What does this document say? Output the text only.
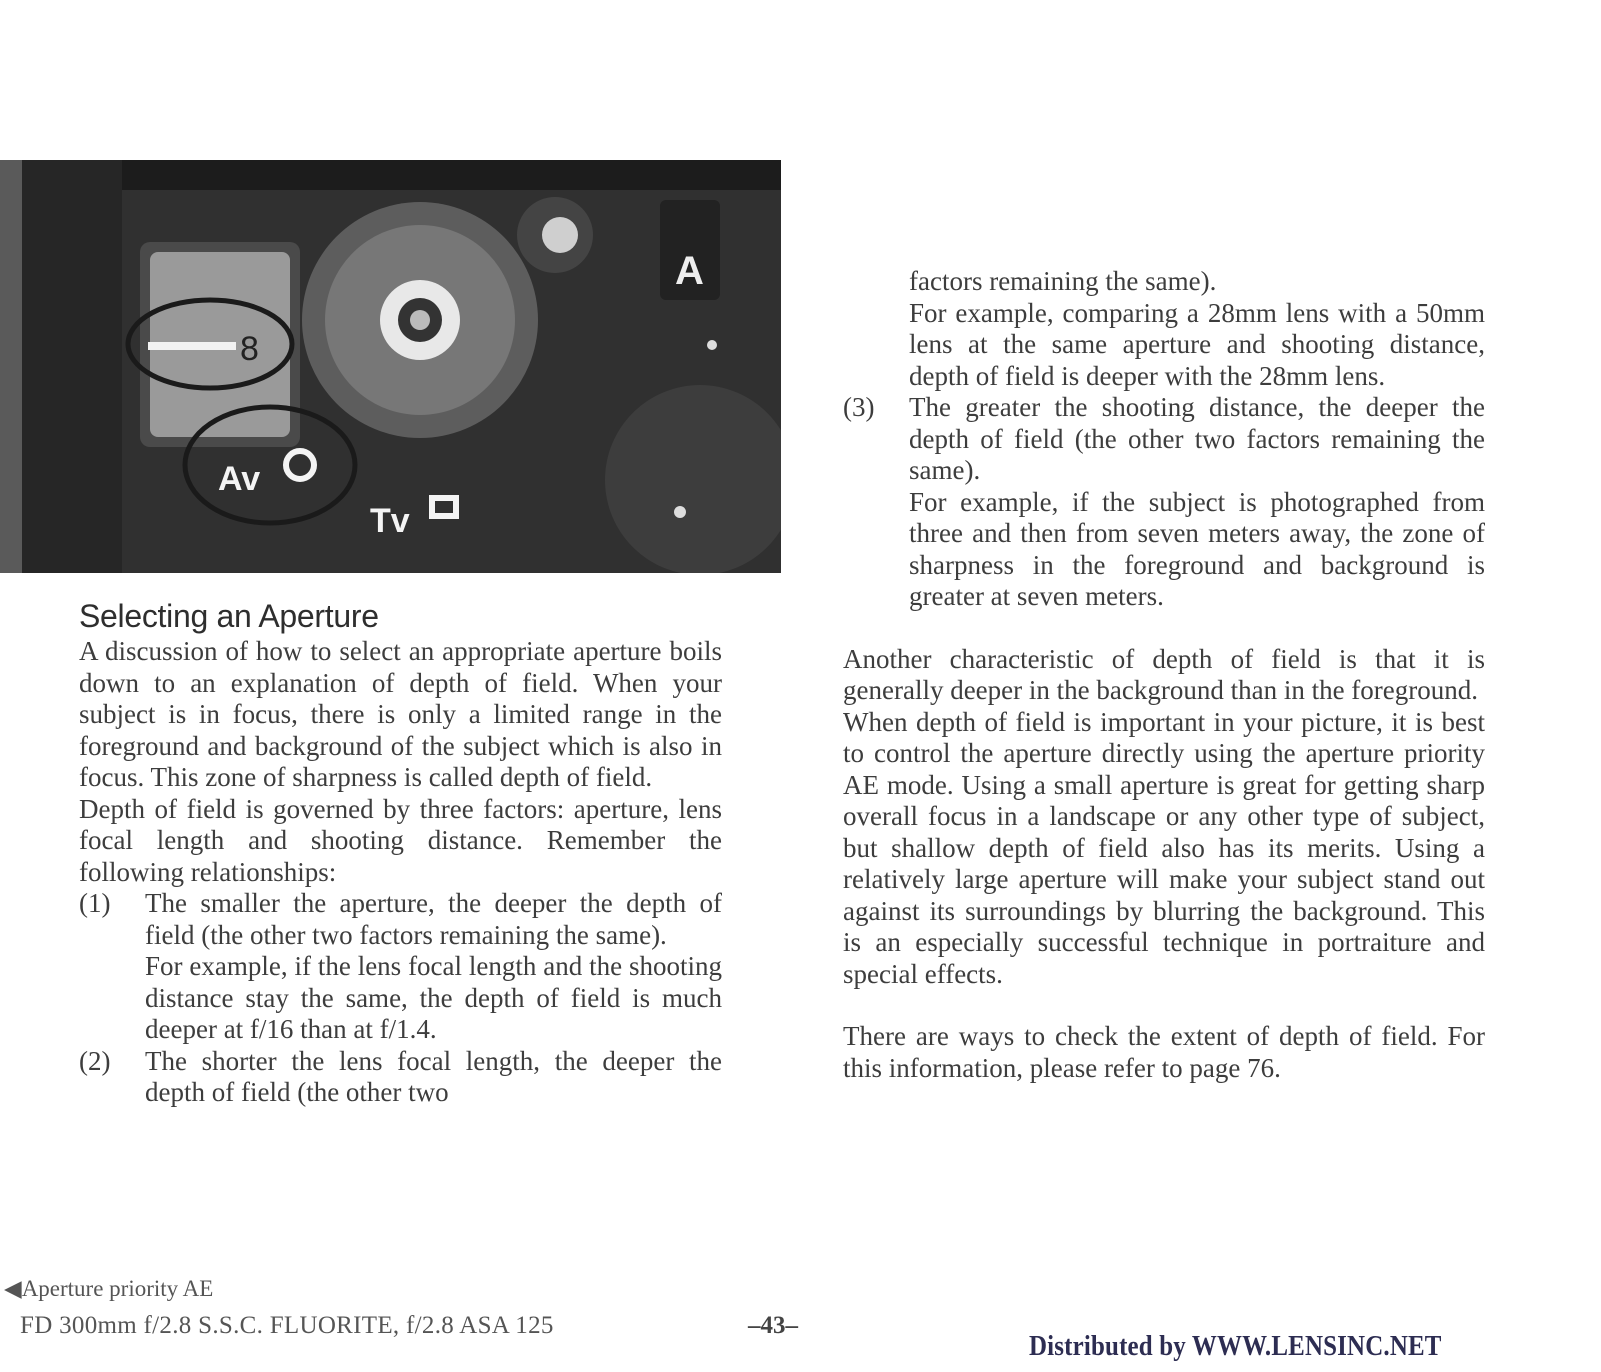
A
8
Av
Tv
Selecting an Aperture

A discussion of how to select an appropriate aperture boils down to an explanation of depth of field. When your subject is in focus, there is only a limited range in the foreground and background of the subject which is also in focus. This zone of sharpness is called depth of field.

Depth of field is governed by three factors: aperture, lens focal length and shooting distance. Remember the following relationships:

(1) The smaller the aperture, the deeper the depth of field (the other two factors remaining the same).

For example, if the lens focal length and the shooting distance stay the same, the depth of field is much deeper at f/16 than at f/1.4.

(2) The shorter the lens focal length, the deeper the depth of field (the other two

factors remaining the same).

For example, comparing a 28mm lens with a 50mm lens at the same aperture and shooting distance, depth of field is deeper with the 28mm lens.

(3) The greater the shooting distance, the deeper the depth of field (the other two factors remaining the same).

For example, if the subject is photographed from three and then from seven meters away, the zone of sharpness in the foreground and background is greater at seven meters.

Another characteristic of depth of field is that it is generally deeper in the background than in the foreground.

When depth of field is important in your picture, it is best to control the aperture directly using the aperture priority AE mode. Using a small aperture is great for getting sharp overall focus in a landscape or any other type of subject, but shallow depth of field also has its merits. Using a relatively large aperture will make your subject stand out against its surroundings by blurring the background. This is an especially successful technique in portraiture and special effects.

There are ways to check the extent of depth of field. For this information, please refer to page 76.

◀Aperture priority AE
FD 300mm f/2.8 S.S.C. FLUORITE, f/2.8 ASA 125	–43–
Distributed by WWW.LENSINC.NET
